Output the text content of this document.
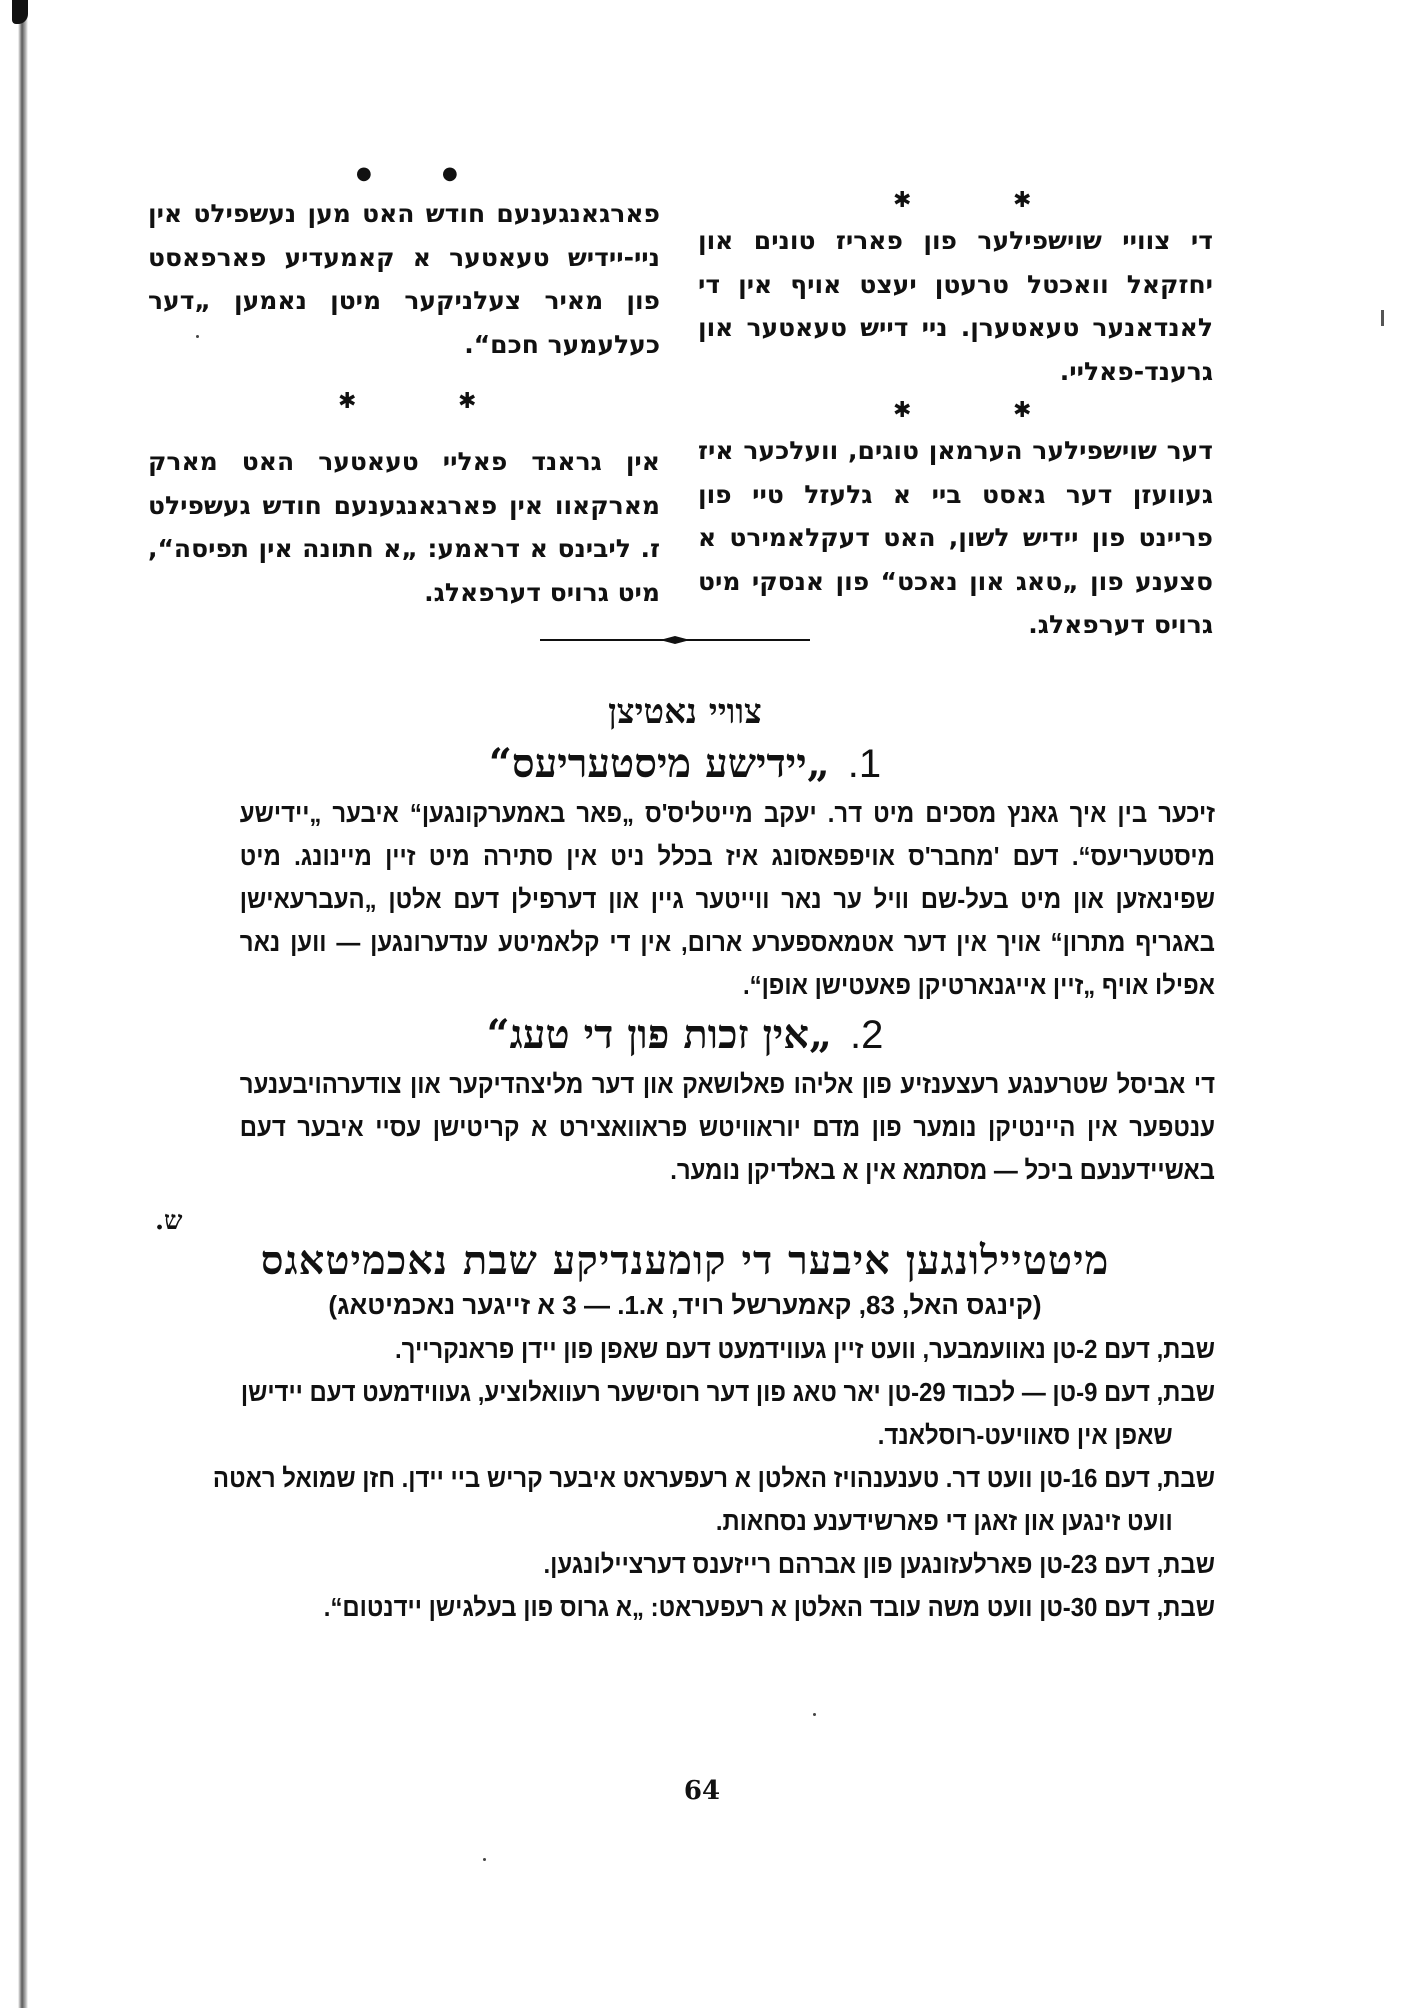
✱	✱

די צוויי שוישפילער פון פאריז טונים און יחזקאל וואכטל טרעטן יעצט אויף אין די לאנדאנער טעאטערן. ניי דייש טעאטער און גרענד-פאליי.

✱	✱

דער שוישפילער הערמאן טוגים, וועלכער איז געוועזן דער גאסט ביי א גלעזל טיי פון פריינט פון יידיש לשון, האט דעקלאמירט א סצענע פון „טאג און נאכט“ פון אנסקי מיט גרויס דערפאלג.

●	●

פארגאנגענעם חודש האט מען נעשפילט אין ניי-יידיש טעאטער א קאמעדיע פארפאסט פון מאיר צעלניקער מיטן נאמען „דער כעלעמער חכם“.

✱	✱

אין גראנד פאליי טעאטער האט מארק מארקאוו אין פארגאנגענעם חודש געשפילט ז. ליבינס א דראמע: „א חתונה אין תפיסה“, מיט גרויס דערפאלג.

צוויי נאטיצן
1.„יידישע מיסטעריעס“

זיכער בין איך גאנץ מסכים מיט דר. יעקב מייטליס'ס „פאר באמערקונגען“ איבער „יידישע מיסטעריעס“. דעם 'מחבר'ס אויפפאסונג איז בכלל ניט אין סתירה מיט זיין מיינונג. מיט שפינאזען און מיט בעל-שם וויל ער נאר ווייטער גיין און דערפילן דעם אלטן „העברעאישן באגריף מתרון“ אויך אין דער אטמאספערע ארום, אין די קלאמיטע ענדערונגען — ווען נאר אפילו אויף „זיין אייגנארטיקן פאעטישן אופן“.

2.„אין זכות פון די טעג“

די אביסל שטרענגע רעצענזיע פון אליהו פאלושאק און דער מליצהדיקער און צודערהויבענער ענטפער אין היינטיקן נומער פון מדם יוראוויטש פראוואצירט א קריטישן עסיי איבער דעם באשיידענעם ביכל — מסתמא אין א באלדיקן נומער.

ש.

מיטטיילונגען איבער די קומענדיקע שבת נאכמיטאגס

(קינגס האל, 83, קאמערשל רויד, א.1. — 3 א זייגער נאכמיטאג)

שבת, דעם 2-טן נאוועמבער, וועט זיין געווידמעט דעם שאפן פון יידן פראנקרייך.
שבת, דעם 9-טן — לכבוד 29-טן יאר טאג פון דער רוסישער רעוואלוציע, געווידמעט דעם יידישן שאפן אין סאוויעט-רוסלאנד.
שבת, דעם 16-טן וועט דר. טענענהויז האלטן א רעפעראט איבער קריש ביי יידן. חזן שמואל ראטה וועט זינגען און זאגן די פארשידענע נסחאות.
שבת, דעם 23-טן פארלעזונגען פון אברהם רייזענס דערציילונגען.
שבת, דעם 30-טן וועט משה עובד האלטן א רעפעראט: „א גרוס פון בעלגישן יידנטום“.
64
